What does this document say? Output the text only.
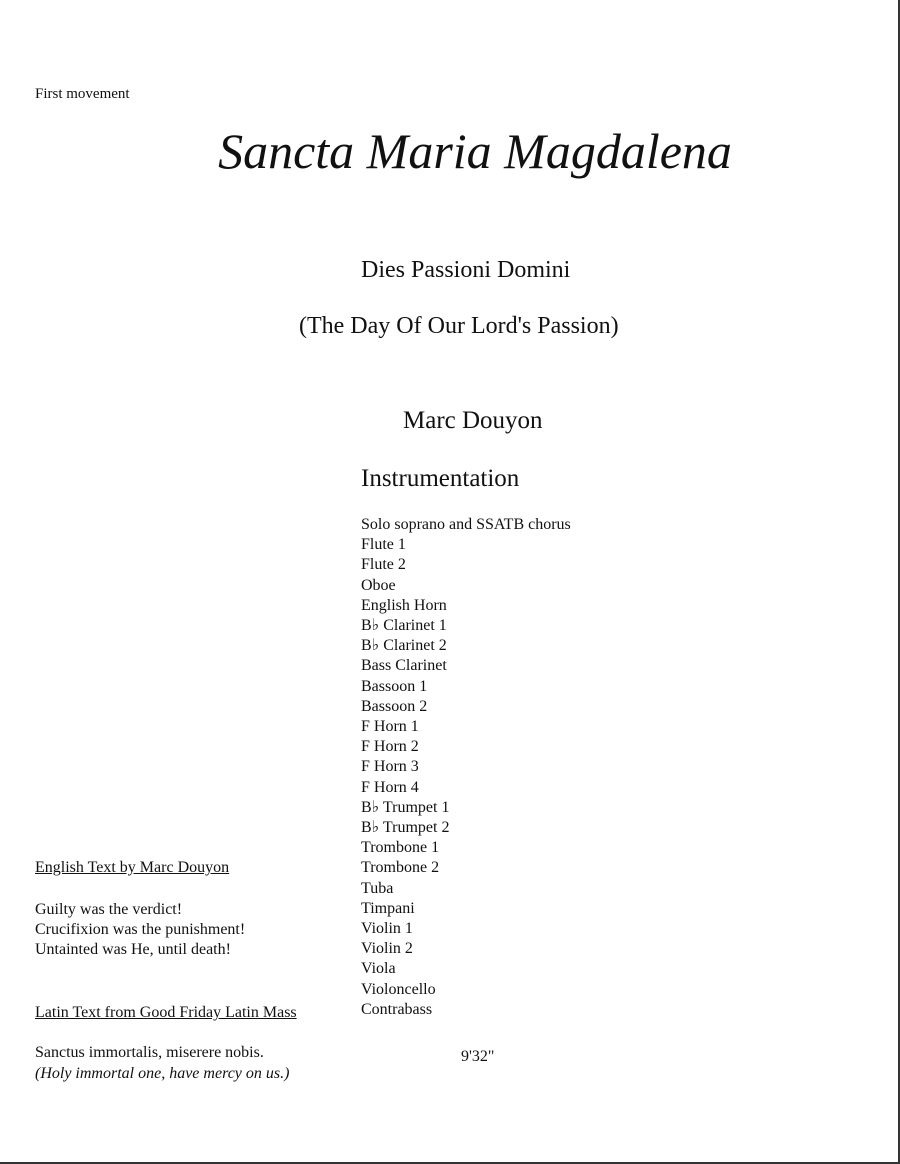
First movement
Sancta Maria Magdalena
Dies Passioni Domini
(The Day Of Our Lord's Passion)
Marc Douyon
Instrumentation
Solo soprano and SSATB chorus
Flute 1
Flute 2
Oboe
English Horn
B♭ Clarinet 1
B♭ Clarinet 2
Bass Clarinet
Bassoon 1
Bassoon 2
F Horn 1
F Horn 2
F Horn 3
F Horn 4
B♭ Trumpet 1
B♭ Trumpet 2
Trombone 1
Trombone 2
Tuba
Timpani
Violin 1
Violin 2
Viola
Violoncello
Contrabass
English Text by Marc Douyon
Guilty was the verdict!
Crucifixion was the punishment!
Untainted was He, until death!
Latin Text from Good Friday Latin Mass
Sanctus immortalis, miserere nobis.
(Holy immortal one, have mercy on us.)
9'32"
